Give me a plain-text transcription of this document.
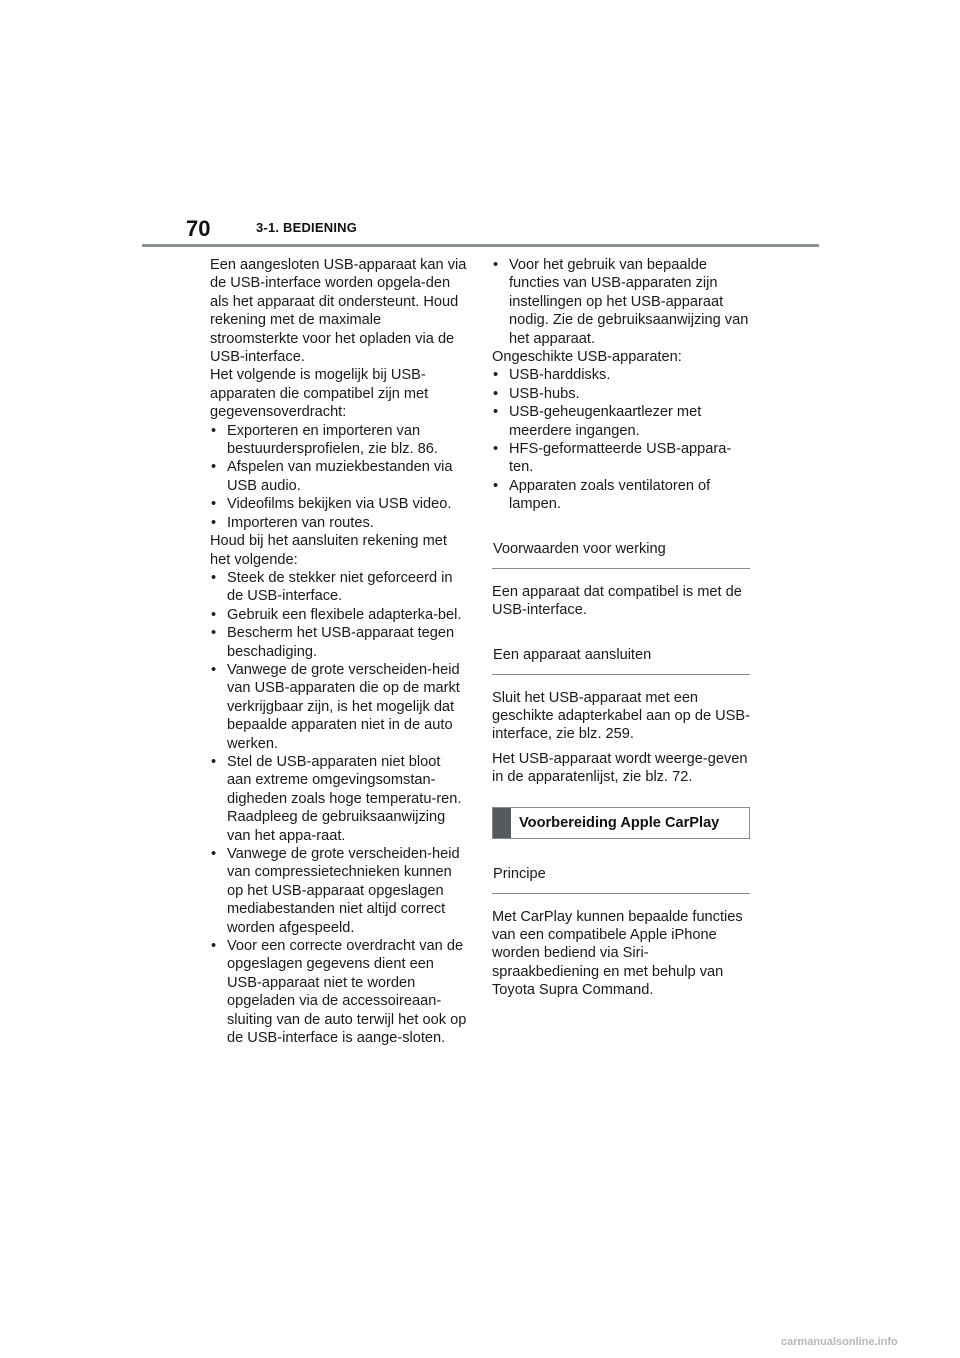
70	3-1. BEDIENING

Een aangesloten USB-apparaat kan via de USB-interface worden opgela-den als het apparaat dit ondersteunt. Houd rekening met de maximale stroomsterkte voor het opladen via de USB-interface.

Het volgende is mogelijk bij USB-apparaten die compatibel zijn met gegevensoverdracht:

• Exporteren en importeren van bestuurdersprofielen, zie blz. 86.
• Afspelen van muziekbestanden via USB audio.
• Videofilms bekijken via USB video.
• Importeren van routes.

Houd bij het aansluiten rekening met het volgende:

• Steek de stekker niet geforceerd in de USB-interface.
• Gebruik een flexibele adapterka-bel.
• Bescherm het USB-apparaat tegen beschadiging.
• Vanwege de grote verscheiden-heid van USB-apparaten die op de markt verkrijgbaar zijn, is het mogelijk dat bepaalde apparaten niet in de auto werken.
• Stel de USB-apparaten niet bloot aan extreme omgevingsomstan-digheden zoals hoge temperatu-ren. Raadpleeg de gebruiksaanwijzing van het appa-raat.
• Vanwege de grote verscheiden-heid van compressietechnieken kunnen op het USB-apparaat opgeslagen mediabestanden niet altijd correct worden afgespeeld.
• Voor een correcte overdracht van de opgeslagen gegevens dient een USB-apparaat niet te worden opgeladen via de accessoireaan-sluiting van de auto terwijl het ook op de USB-interface is aange-sloten.
• Voor het gebruik van bepaalde functies van USB-apparaten zijn instellingen op het USB-apparaat nodig. Zie de gebruiksaanwijzing van het apparaat.

Ongeschikte USB-apparaten:

• USB-harddisks.
• USB-hubs.
• USB-geheugenkaartlezer met meerdere ingangen.
• HFS-geformatteerde USB-appara-ten.
• Apparaten zoals ventilatoren of lampen.
Voorwaarden voor werking

Een apparaat dat compatibel is met de USB-interface.

Een apparaat aansluiten

Sluit het USB-apparaat met een geschikte adapterkabel aan op de USB-interface, zie blz. 259.

Het USB-apparaat wordt weerge-geven in de apparatenlijst, zie blz. 72.

Voorbereiding Apple CarPlay
Principe

Met CarPlay kunnen bepaalde functies van een compatibele Apple iPhone worden bediend via Siri-spraakbediening en met behulp van Toyota Supra Command.

carmanualsonline.info
